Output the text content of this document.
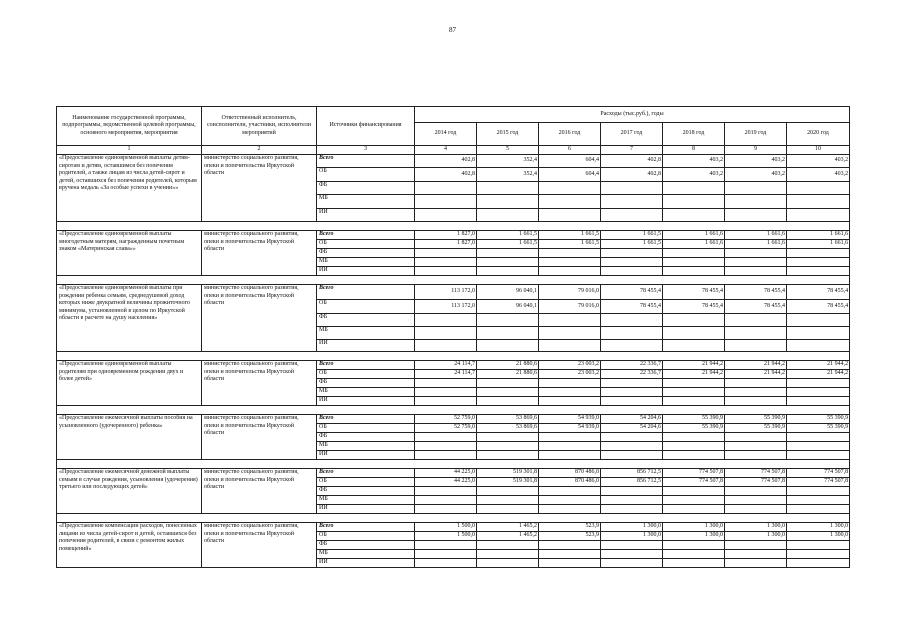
87
Наименование государственной программы, подпрограммы, ведомственной целевой программы, основного мероприятия, мероприятия	Ответственный исполнитель, соисполнители, участники, исполнители мероприятий	Источники финансирования	Расходы (тыс.руб.), годы						
			2014 год	2015 год	2016 год	2017 год	2018 год	2019 год	2020 год
1	2	3	4	5	6	7	8	9	10
«Предоставление единовременной выплаты детям-сиротам и детям, оставшимся без попечения родителей, а также лицам из числа детей-сирот и детей, оставшихся без попечения родителей, которым вручена медаль «За особые успехи в учении»»	министерство социального развития, опеки и попечительства Иркутской области	Всего	402,8	352,4	604,4	402,8	403,2	403,2	403,2
		ОБ	402,8	352,4	604,4	402,8	403,2	403,2	403,2
		ФБ							
		МБ							
		ИИ							

«Предоставление единовременной выплаты многодетным матерям, награжденным почетным знаком «Материнская слава»»	министерство социального развития, опеки и попечительства Иркутской области	Всего	1 827,0	1 661,5	1 661,5	1 661,5	1 661,6	1 661,6	1 661,6
		ОБ	1 827,0	1 661,5	1 661,5	1 661,5	1 661,6	1 661,6	1 661,6
		ФБ							
		МБ							
		ИИ							

«Предоставление единовременной выплаты при рождении ребенка семьям, среднедушевой доход которых ниже двукратной величины прожиточного минимума, установленной в целом по Иркутской области в расчете на душу населения»	министерство социального развития, опеки и попечительства Иркутской области	Всего	113 172,0	96 040,1	79 016,0	78 455,4	78 455,4	78 455,4	78 455,4
		ОБ	113 172,0	96 040,1	79 016,0	78 455,4	78 455,4	78 455,4	78 455,4
		ФБ							
		МБ							
		ИИ							

«Предоставление единовременной выплаты родителям при одновременном рождении двух и более детей»	министерство социального развития, опеки и попечительства Иркутской области	Всего	24 114,7	21 880,6	23 003,2	22 336,7	21 944,2	21 944,2	21 944,2
		ОБ	24 114,7	21 880,6	23 003,2	22 336,7	21 944,2	21 944,2	21 944,2
		ФБ							
		МБ							
		ИИ							

«Предоставление ежемесячной выплаты пособия на усыновленного (удочеренного) ребенка»	министерство социального развития, опеки и попечительства Иркутской области	Всего	52 759,0	53 869,6	54 939,0	54 204,6	55 390,9	55 390,9	55 390,9
		ОБ	52 759,0	53 869,6	54 939,0	54 204,6	55 390,9	55 390,9	55 390,9
		ФБ							
		МБ							
		ИИ							

«Предоставление ежемесячной денежной выплаты семьям в случае рождения, усыновления (удочерения) третьего или последующих детей»	министерство социального развития, опеки и попечительства Иркутской области	Всего	44 225,0	519 301,8	870 486,0	856 712,5	774 507,8	774 507,8	774 507,8
		ОБ	44 225,0	519 301,8	870 486,0	856 712,5	774 507,8	774 507,8	774 507,8
		ФБ							
		МБ							
		ИИ							

«Предоставление компенсации расходов, понесенных лицами из числа детей-сирот и детей, оставшихся без попечения родителей, в связи с ремонтом жилых помещений»	министерство социального развития, опеки и попечительства Иркутской области	Всего	1 500,0	1 465,2	523,9	1 300,0	1 300,0	1 300,0	1 300,0
		ОБ	1 500,0	1 465,2	523,9	1 300,0	1 300,0	1 300,0	1 300,0
		ФБ							
		МБ							
		ИИ							
